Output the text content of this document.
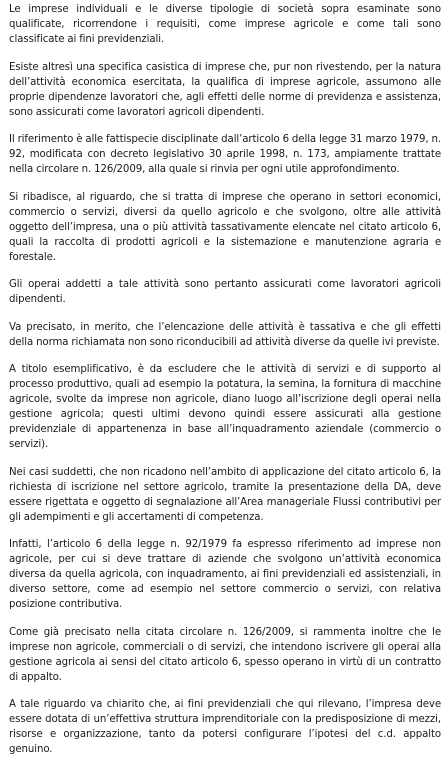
Le imprese individuali e le diverse tipologie di società sopra esaminate sono qualificate, ricorrendone i requisiti, come imprese agricole e come tali sono classificate ai fini previdenziali.

Esiste altresì una specifica casistica di imprese che, pur non rivestendo, per la natura dell’attività economica esercitata, la qualifica di imprese agricole, assumono alle proprie dipendenze lavoratori che, agli effetti delle norme di previdenza e assistenza, sono assicurati come lavoratori agricoli dipendenti.

Il riferimento è alle fattispecie disciplinate dall’articolo 6 della legge 31 marzo 1979, n. 92, modificata con decreto legislativo 30 aprile 1998, n. 173, ampiamente trattate nella circolare n. 126/2009, alla quale si rinvia per ogni utile approfondimento.

Si ribadisce, al riguardo, che si tratta di imprese che operano in settori economici, commercio o servizi, diversi da quello agricolo e che svolgono, oltre alle attività oggetto dell’impresa, una o più attività tassativamente elencate nel citato articolo 6, quali la raccolta di prodotti agricoli e la sistemazione e manutenzione agraria e forestale.

Gli operai addetti a tale attività sono pertanto assicurati come lavoratori agricoli dipendenti.

Va precisato, in merito, che l’elencazione delle attività è tassativa e che gli effetti della norma richiamata non sono riconducibili ad attività diverse da quelle ivi previste.

A titolo esemplificativo, è da escludere che le attività di servizi e di supporto al processo produttivo, quali ad esempio la potatura, la semina, la fornitura di macchine agricole, svolte da imprese non agricole, diano luogo all’iscrizione degli operai nella gestione agricola; questi ultimi devono quindi essere assicurati alla gestione previdenziale di appartenenza in base all’inquadramento aziendale (commercio o servizi).

Nei casi suddetti, che non ricadono nell’ambito di applicazione del citato articolo 6, la richiesta di iscrizione nel settore agricolo, tramite la presentazione della DA, deve essere rigettata e oggetto di segnalazione all’Area manageriale Flussi contributivi per gli adempimenti e gli accertamenti di competenza.

Infatti, l’articolo 6 della legge n. 92/1979 fa espresso riferimento ad imprese non agricole, per cui si deve trattare di aziende che svolgono un’attività economica diversa da quella agricola, con inquadramento, ai fini previdenziali ed assistenziali, in diverso settore, come ad esempio nel settore commercio o servizi, con relativa posizione contributiva.

Come già precisato nella citata circolare n. 126/2009, si rammenta inoltre che le imprese non agricole, commerciali o di servizi, che intendono iscrivere gli operai alla gestione agricola ai sensi del citato articolo 6, spesso operano in virtù di un contratto di appalto.

A tale riguardo va chiarito che, ai fini previdenziali che qui rilevano, l’impresa deve essere dotata di un’effettiva struttura imprenditoriale con la predisposizione di mezzi, risorse e organizzazione, tanto da potersi configurare l’ipotesi del c.d. appalto genuino.
